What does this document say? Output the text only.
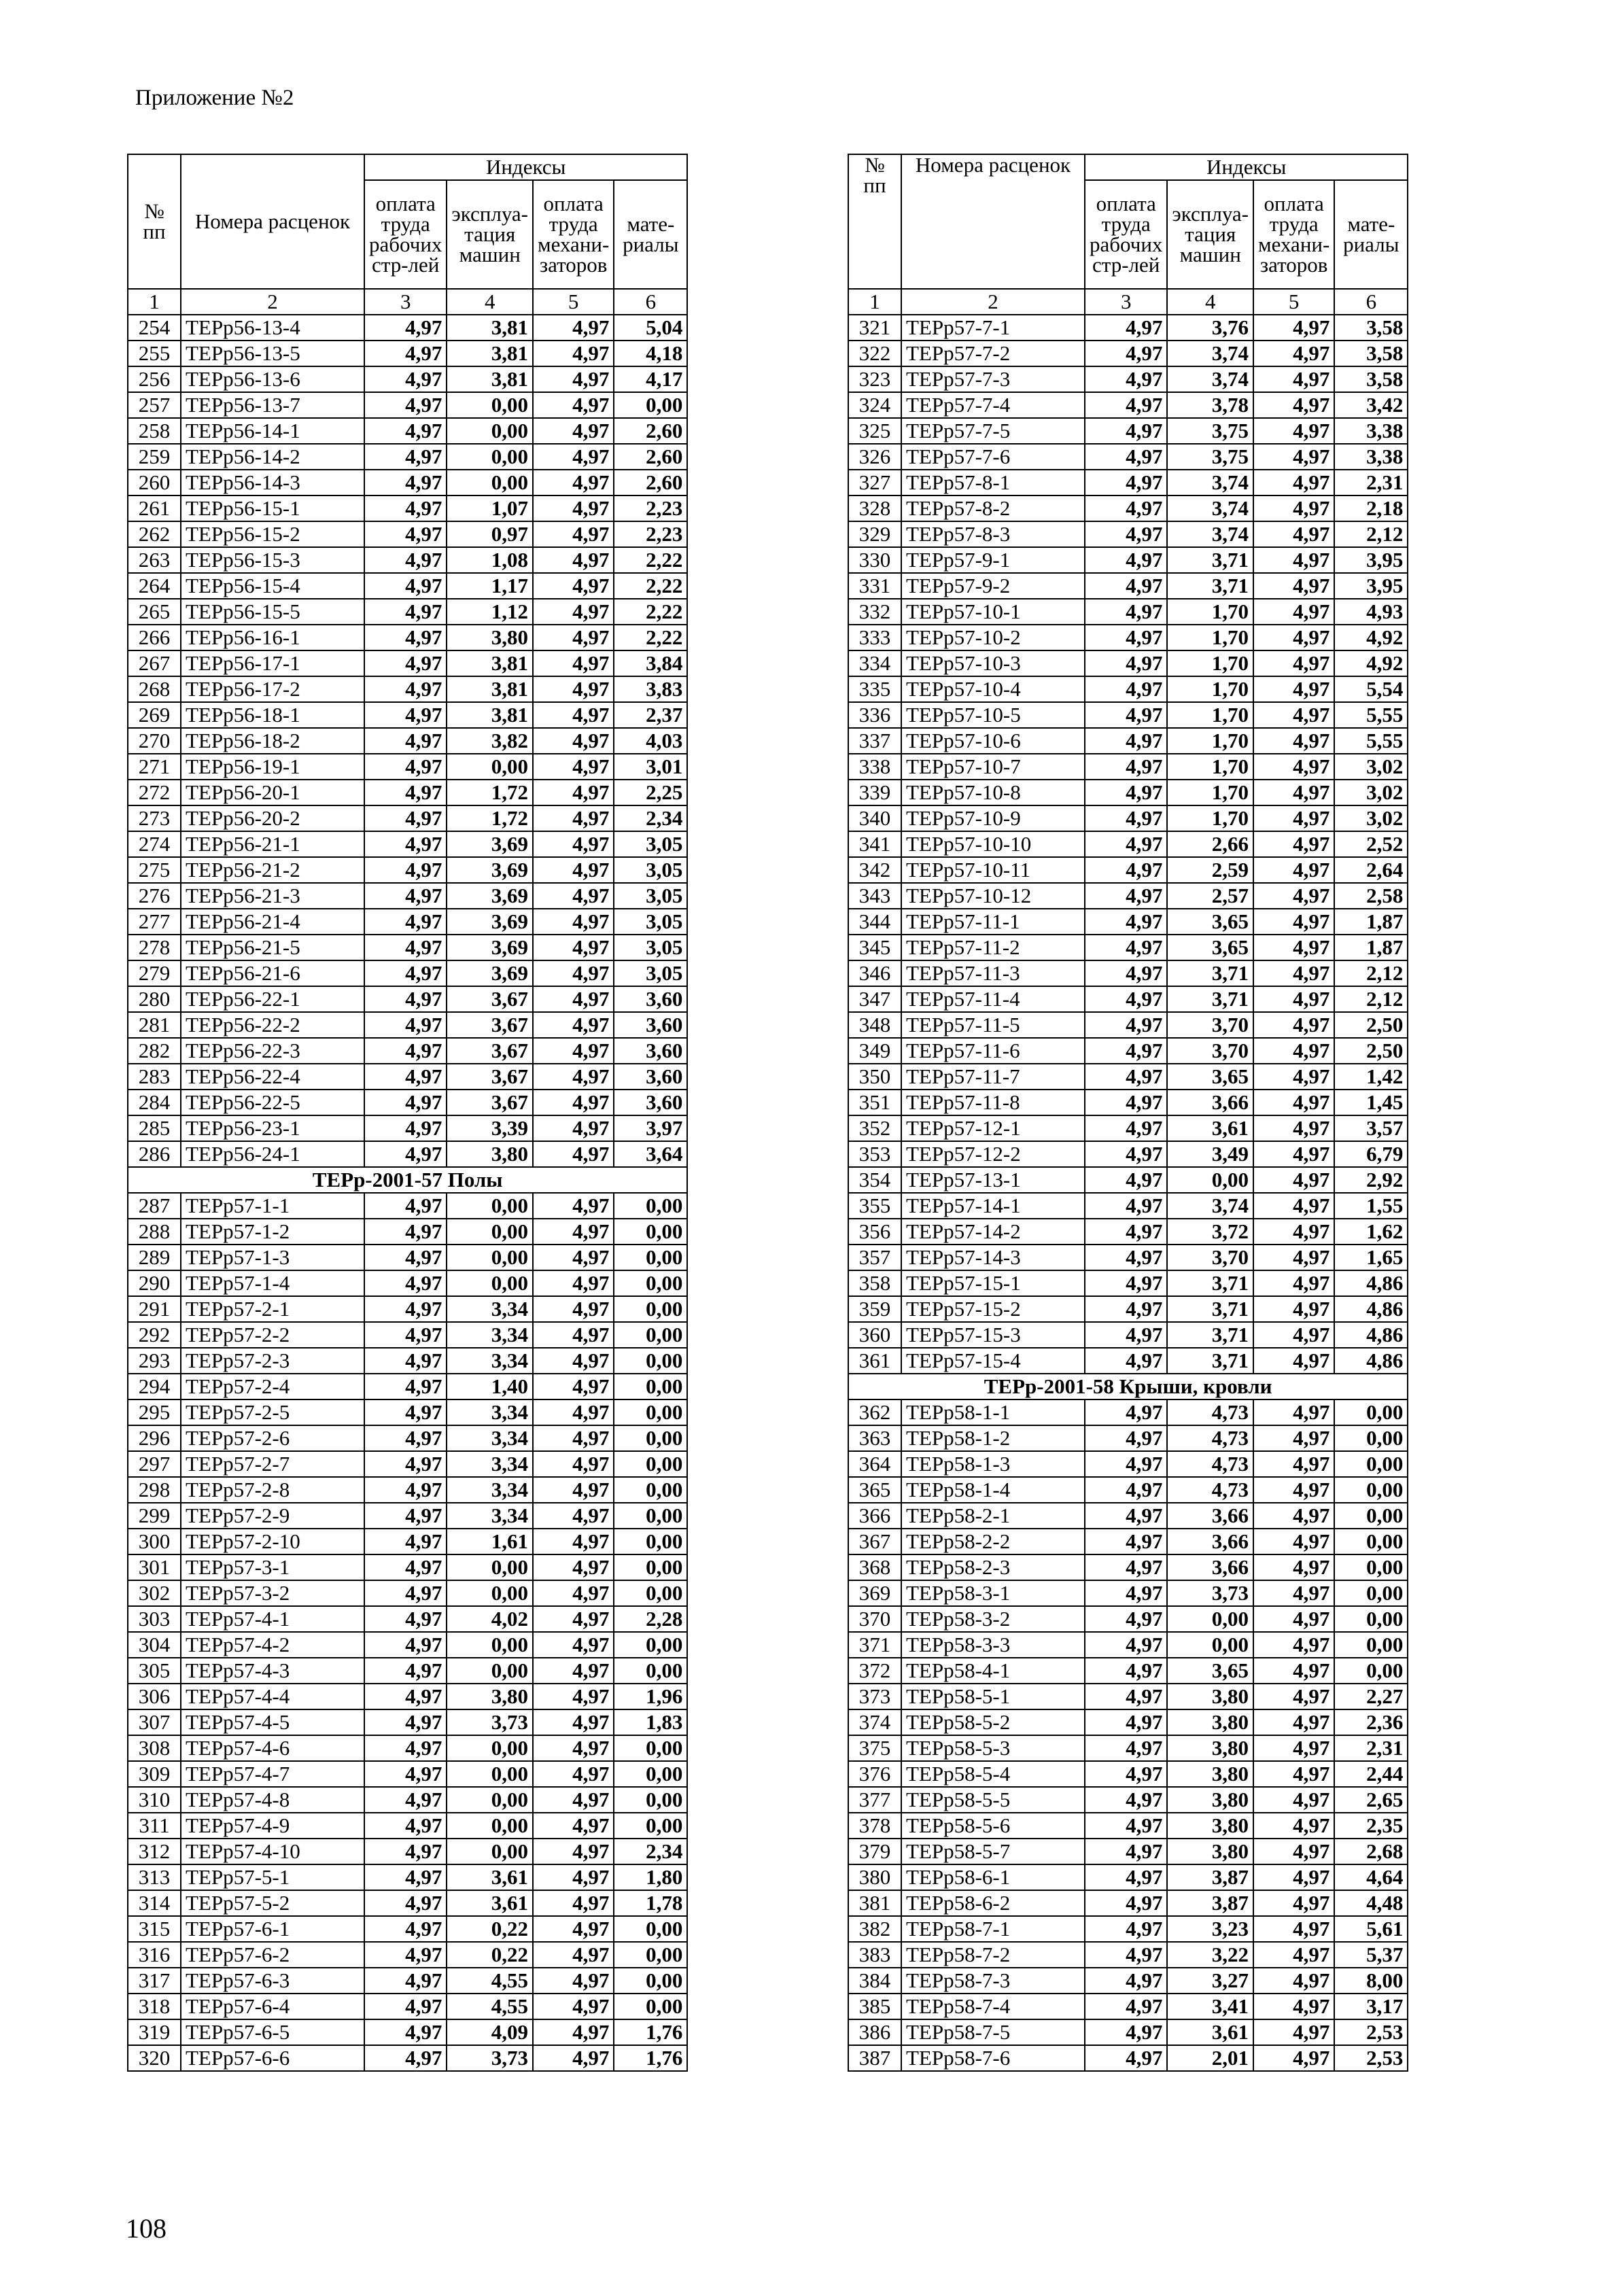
Приложение №2
№ пп	Номера расценок	Индексы			
		оплата труда рабочих стр-лей	эксплуа-тация машин	оплата труда механи-заторов	мате-риалы
1	2	3	4	5	6
254	ТЕРр56-13-4	4,97	3,81	4,97	5,04
255	ТЕРр56-13-5	4,97	3,81	4,97	4,18
256	ТЕРр56-13-6	4,97	3,81	4,97	4,17
257	ТЕРр56-13-7	4,97	0,00	4,97	0,00
258	ТЕРр56-14-1	4,97	0,00	4,97	2,60
259	ТЕРр56-14-2	4,97	0,00	4,97	2,60
260	ТЕРр56-14-3	4,97	0,00	4,97	2,60
261	ТЕРр56-15-1	4,97	1,07	4,97	2,23
262	ТЕРр56-15-2	4,97	0,97	4,97	2,23
263	ТЕРр56-15-3	4,97	1,08	4,97	2,22
264	ТЕРр56-15-4	4,97	1,17	4,97	2,22
265	ТЕРр56-15-5	4,97	1,12	4,97	2,22
266	ТЕРр56-16-1	4,97	3,80	4,97	2,22
267	ТЕРр56-17-1	4,97	3,81	4,97	3,84
268	ТЕРр56-17-2	4,97	3,81	4,97	3,83
269	ТЕРр56-18-1	4,97	3,81	4,97	2,37
270	ТЕРр56-18-2	4,97	3,82	4,97	4,03
271	ТЕРр56-19-1	4,97	0,00	4,97	3,01
272	ТЕРр56-20-1	4,97	1,72	4,97	2,25
273	ТЕРр56-20-2	4,97	1,72	4,97	2,34
274	ТЕРр56-21-1	4,97	3,69	4,97	3,05
275	ТЕРр56-21-2	4,97	3,69	4,97	3,05
276	ТЕРр56-21-3	4,97	3,69	4,97	3,05
277	ТЕРр56-21-4	4,97	3,69	4,97	3,05
278	ТЕРр56-21-5	4,97	3,69	4,97	3,05
279	ТЕРр56-21-6	4,97	3,69	4,97	3,05
280	ТЕРр56-22-1	4,97	3,67	4,97	3,60
281	ТЕРр56-22-2	4,97	3,67	4,97	3,60
282	ТЕРр56-22-3	4,97	3,67	4,97	3,60
283	ТЕРр56-22-4	4,97	3,67	4,97	3,60
284	ТЕРр56-22-5	4,97	3,67	4,97	3,60
285	ТЕРр56-23-1	4,97	3,39	4,97	3,97
286	ТЕРр56-24-1	4,97	3,80	4,97	3,64
ТЕРр-2001-57 Полы					
287	ТЕРр57-1-1	4,97	0,00	4,97	0,00
288	ТЕРр57-1-2	4,97	0,00	4,97	0,00
289	ТЕРр57-1-3	4,97	0,00	4,97	0,00
290	ТЕРр57-1-4	4,97	0,00	4,97	0,00
291	ТЕРр57-2-1	4,97	3,34	4,97	0,00
292	ТЕРр57-2-2	4,97	3,34	4,97	0,00
293	ТЕРр57-2-3	4,97	3,34	4,97	0,00
294	ТЕРр57-2-4	4,97	1,40	4,97	0,00
295	ТЕРр57-2-5	4,97	3,34	4,97	0,00
296	ТЕРр57-2-6	4,97	3,34	4,97	0,00
297	ТЕРр57-2-7	4,97	3,34	4,97	0,00
298	ТЕРр57-2-8	4,97	3,34	4,97	0,00
299	ТЕРр57-2-9	4,97	3,34	4,97	0,00
300	ТЕРр57-2-10	4,97	1,61	4,97	0,00
301	ТЕРр57-3-1	4,97	0,00	4,97	0,00
302	ТЕРр57-3-2	4,97	0,00	4,97	0,00
303	ТЕРр57-4-1	4,97	4,02	4,97	2,28
304	ТЕРр57-4-2	4,97	0,00	4,97	0,00
305	ТЕРр57-4-3	4,97	0,00	4,97	0,00
306	ТЕРр57-4-4	4,97	3,80	4,97	1,96
307	ТЕРр57-4-5	4,97	3,73	4,97	1,83
308	ТЕРр57-4-6	4,97	0,00	4,97	0,00
309	ТЕРр57-4-7	4,97	0,00	4,97	0,00
310	ТЕРр57-4-8	4,97	0,00	4,97	0,00
311	ТЕРр57-4-9	4,97	0,00	4,97	0,00
312	ТЕРр57-4-10	4,97	0,00	4,97	2,34
313	ТЕРр57-5-1	4,97	3,61	4,97	1,80
314	ТЕРр57-5-2	4,97	3,61	4,97	1,78
315	ТЕРр57-6-1	4,97	0,22	4,97	0,00
316	ТЕРр57-6-2	4,97	0,22	4,97	0,00
317	ТЕРр57-6-3	4,97	4,55	4,97	0,00
318	ТЕРр57-6-4	4,97	4,55	4,97	0,00
319	ТЕРр57-6-5	4,97	4,09	4,97	1,76
320	ТЕРр57-6-6	4,97	3,73	4,97	1,76
№ пп	Номера расценок	Индексы			
		оплата труда рабочих стр-лей	эксплуа-тация машин	оплата труда механи-заторов	мате-риалы
1	2	3	4	5	6
321	ТЕРр57-7-1	4,97	3,76	4,97	3,58
322	ТЕРр57-7-2	4,97	3,74	4,97	3,58
323	ТЕРр57-7-3	4,97	3,74	4,97	3,58
324	ТЕРр57-7-4	4,97	3,78	4,97	3,42
325	ТЕРр57-7-5	4,97	3,75	4,97	3,38
326	ТЕРр57-7-6	4,97	3,75	4,97	3,38
327	ТЕРр57-8-1	4,97	3,74	4,97	2,31
328	ТЕРр57-8-2	4,97	3,74	4,97	2,18
329	ТЕРр57-8-3	4,97	3,74	4,97	2,12
330	ТЕРр57-9-1	4,97	3,71	4,97	3,95
331	ТЕРр57-9-2	4,97	3,71	4,97	3,95
332	ТЕРр57-10-1	4,97	1,70	4,97	4,93
333	ТЕРр57-10-2	4,97	1,70	4,97	4,92
334	ТЕРр57-10-3	4,97	1,70	4,97	4,92
335	ТЕРр57-10-4	4,97	1,70	4,97	5,54
336	ТЕРр57-10-5	4,97	1,70	4,97	5,55
337	ТЕРр57-10-6	4,97	1,70	4,97	5,55
338	ТЕРр57-10-7	4,97	1,70	4,97	3,02
339	ТЕРр57-10-8	4,97	1,70	4,97	3,02
340	ТЕРр57-10-9	4,97	1,70	4,97	3,02
341	ТЕРр57-10-10	4,97	2,66	4,97	2,52
342	ТЕРр57-10-11	4,97	2,59	4,97	2,64
343	ТЕРр57-10-12	4,97	2,57	4,97	2,58
344	ТЕРр57-11-1	4,97	3,65	4,97	1,87
345	ТЕРр57-11-2	4,97	3,65	4,97	1,87
346	ТЕРр57-11-3	4,97	3,71	4,97	2,12
347	ТЕРр57-11-4	4,97	3,71	4,97	2,12
348	ТЕРр57-11-5	4,97	3,70	4,97	2,50
349	ТЕРр57-11-6	4,97	3,70	4,97	2,50
350	ТЕРр57-11-7	4,97	3,65	4,97	1,42
351	ТЕРр57-11-8	4,97	3,66	4,97	1,45
352	ТЕРр57-12-1	4,97	3,61	4,97	3,57
353	ТЕРр57-12-2	4,97	3,49	4,97	6,79
354	ТЕРр57-13-1	4,97	0,00	4,97	2,92
355	ТЕРр57-14-1	4,97	3,74	4,97	1,55
356	ТЕРр57-14-2	4,97	3,72	4,97	1,62
357	ТЕРр57-14-3	4,97	3,70	4,97	1,65
358	ТЕРр57-15-1	4,97	3,71	4,97	4,86
359	ТЕРр57-15-2	4,97	3,71	4,97	4,86
360	ТЕРр57-15-3	4,97	3,71	4,97	4,86
361	ТЕРр57-15-4	4,97	3,71	4,97	4,86
ТЕРр-2001-58 Крыши, кровли					
362	ТЕРр58-1-1	4,97	4,73	4,97	0,00
363	ТЕРр58-1-2	4,97	4,73	4,97	0,00
364	ТЕРр58-1-3	4,97	4,73	4,97	0,00
365	ТЕРр58-1-4	4,97	4,73	4,97	0,00
366	ТЕРр58-2-1	4,97	3,66	4,97	0,00
367	ТЕРр58-2-2	4,97	3,66	4,97	0,00
368	ТЕРр58-2-3	4,97	3,66	4,97	0,00
369	ТЕРр58-3-1	4,97	3,73	4,97	0,00
370	ТЕРр58-3-2	4,97	0,00	4,97	0,00
371	ТЕРр58-3-3	4,97	0,00	4,97	0,00
372	ТЕРр58-4-1	4,97	3,65	4,97	0,00
373	ТЕРр58-5-1	4,97	3,80	4,97	2,27
374	ТЕРр58-5-2	4,97	3,80	4,97	2,36
375	ТЕРр58-5-3	4,97	3,80	4,97	2,31
376	ТЕРр58-5-4	4,97	3,80	4,97	2,44
377	ТЕРр58-5-5	4,97	3,80	4,97	2,65
378	ТЕРр58-5-6	4,97	3,80	4,97	2,35
379	ТЕРр58-5-7	4,97	3,80	4,97	2,68
380	ТЕРр58-6-1	4,97	3,87	4,97	4,64
381	ТЕРр58-6-2	4,97	3,87	4,97	4,48
382	ТЕРр58-7-1	4,97	3,23	4,97	5,61
383	ТЕРр58-7-2	4,97	3,22	4,97	5,37
384	ТЕРр58-7-3	4,97	3,27	4,97	8,00
385	ТЕРр58-7-4	4,97	3,41	4,97	3,17
386	ТЕРр58-7-5	4,97	3,61	4,97	2,53
387	ТЕРр58-7-6	4,97	2,01	4,97	2,53
108
